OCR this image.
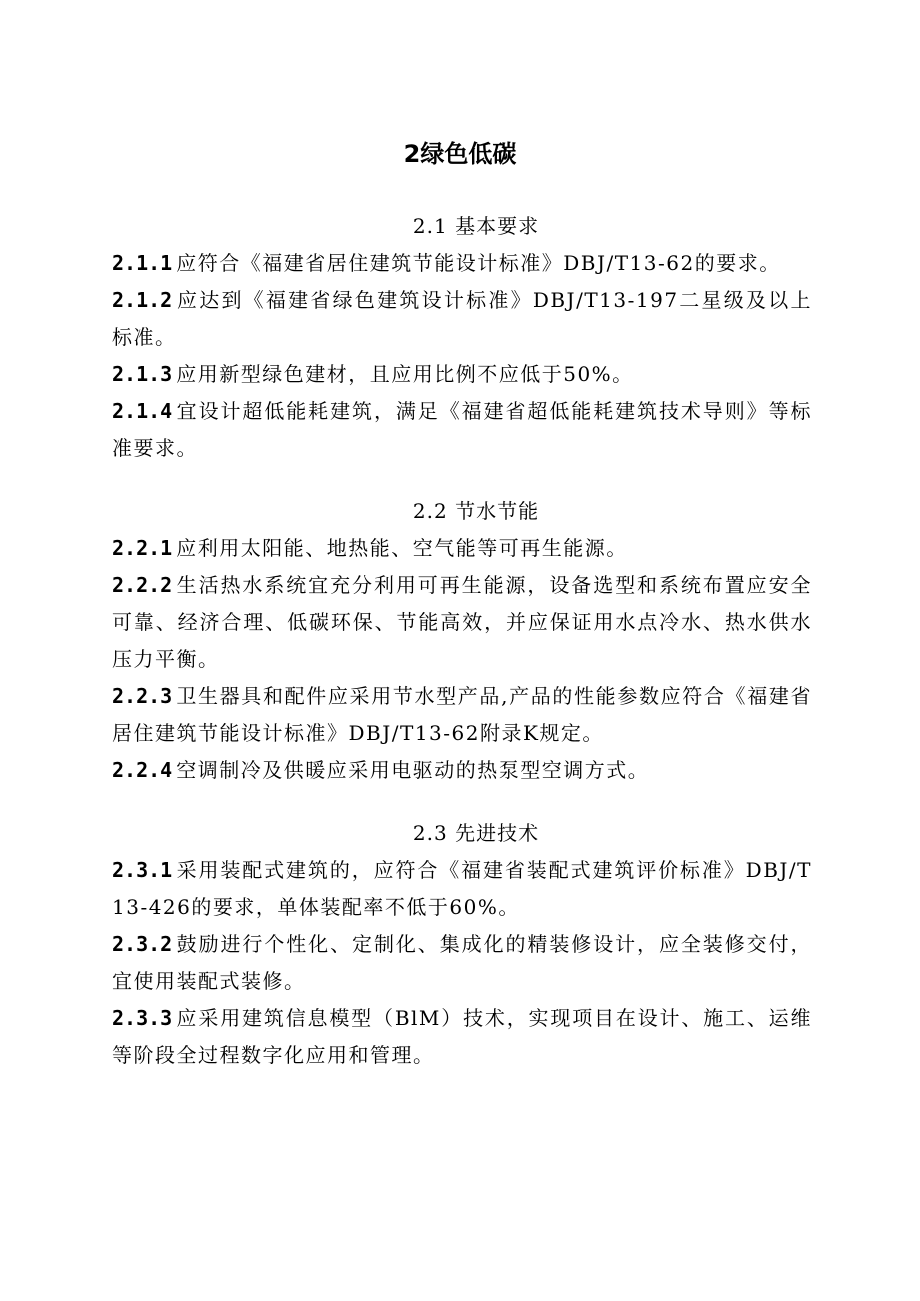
2绿色低碳
2.1 基本要求
2.1.1 应符合《福建省居住建筑节能设计标准》DBJ/T13-62的要求。
2.1.2 应达到《福建省绿色建筑设计标准》DBJ/T13-197二星级及以上标准。
2.1.3 应用新型绿色建材，且应用比例不应低于50%。
2.1.4 宜设计超低能耗建筑，满足《福建省超低能耗建筑技术导则》等标准要求。
2.2 节水节能
2.2.1 应利用太阳能、地热能、空气能等可再生能源。
2.2.2 生活热水系统宜充分利用可再生能源，设备选型和系统布置应安全可靠、经济合理、低碳环保、节能高效，并应保证用水点冷水、热水供水压力平衡。
2.2.3 卫生器具和配件应采用节水型产品,产品的性能参数应符合《福建省居住建筑节能设计标准》DBJ/T13-62附录K规定。
2.2.4 空调制冷及供暖应采用电驱动的热泵型空调方式。
2.3 先进技术
2.3.1 采用装配式建筑的，应符合《福建省装配式建筑评价标准》DBJ/T13-426的要求，单体装配率不低于60%。
2.3.2 鼓励进行个性化、定制化、集成化的精装修设计，应全装修交付，宜使用装配式装修。
2.3.3 应采用建筑信息模型（BlM）技术，实现项目在设计、施工、运维等阶段全过程数字化应用和管理。
